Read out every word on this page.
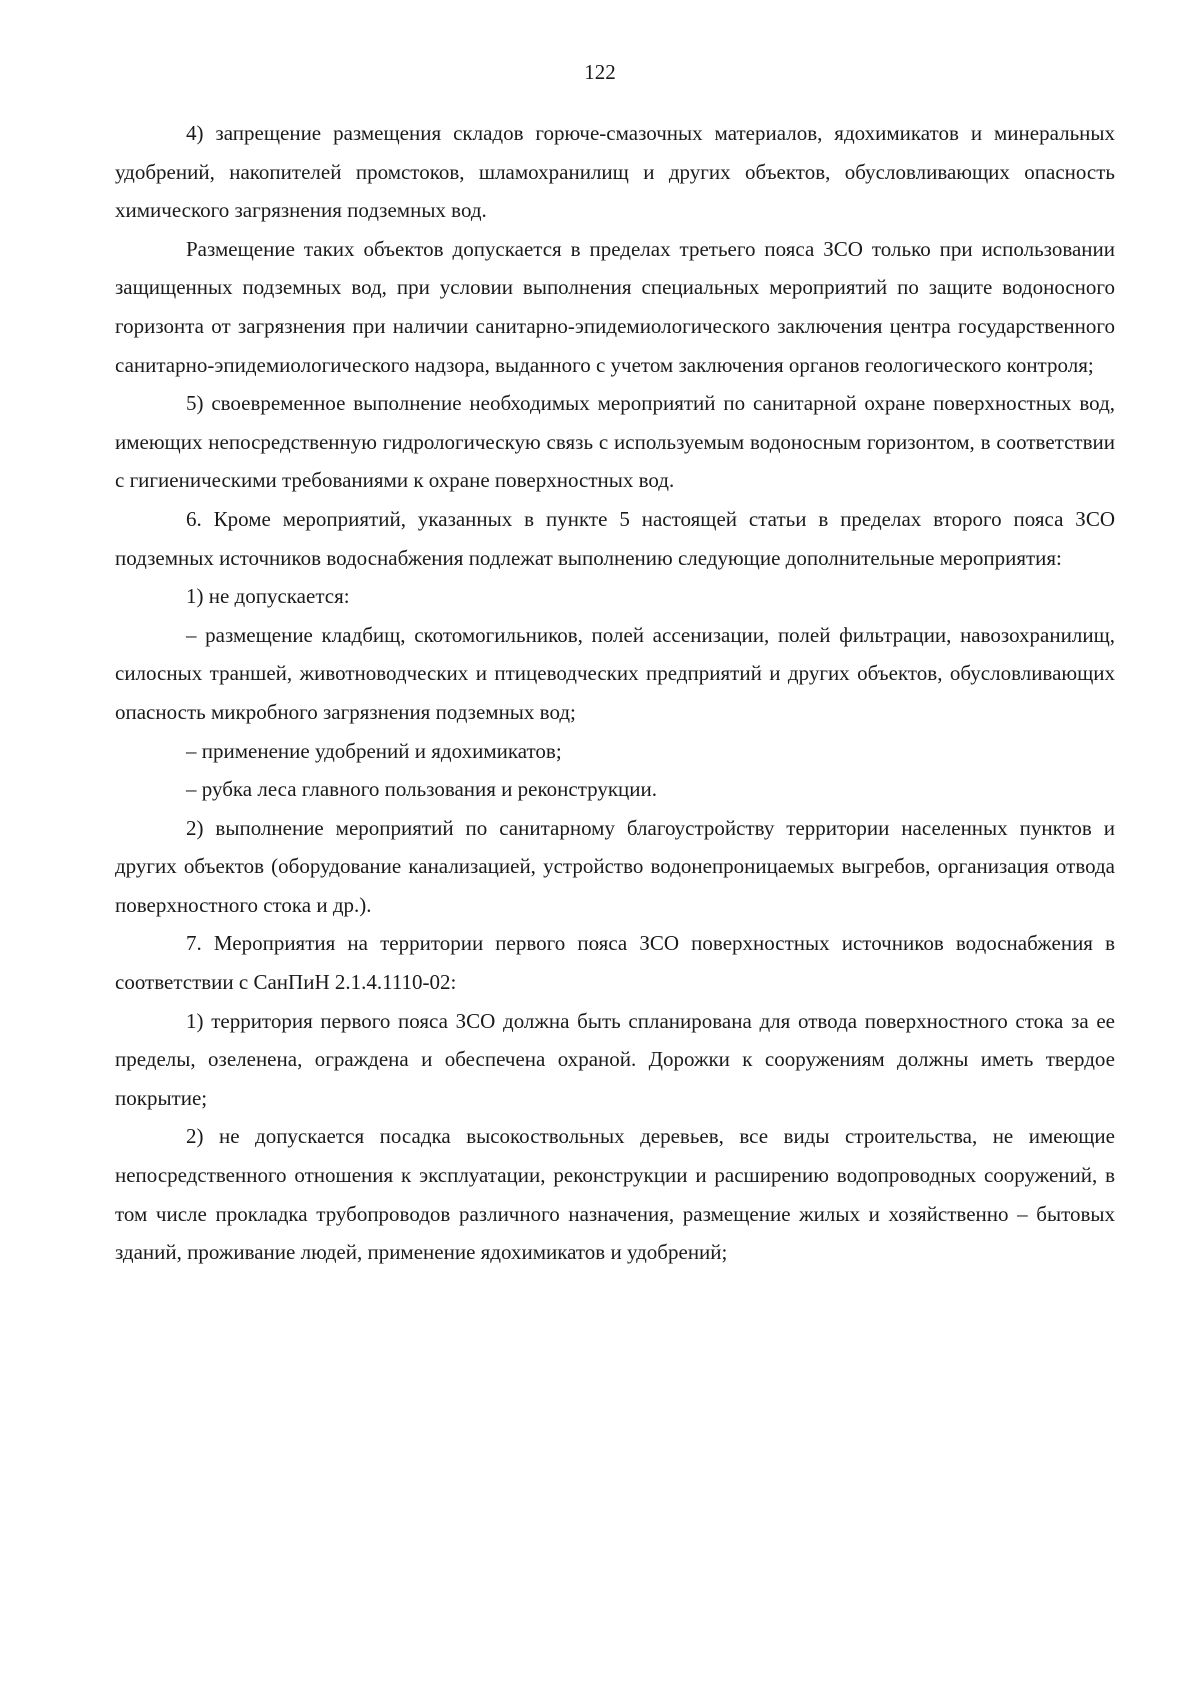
122

4) запрещение размещения складов горюче-смазочных материалов, ядохимикатов и минеральных удобрений, накопителей промстоков, шламохранилищ и других объектов, обусловливающих опасность химического загрязнения подземных вод.

Размещение таких объектов допускается в пределах третьего пояса ЗСО только при использовании защищенных подземных вод, при условии выполнения специальных мероприятий по защите водоносного горизонта от загрязнения при наличии санитарно-эпидемиологического заключения центра государственного санитарно-эпидемиологического надзора, выданного с учетом заключения органов геологического контроля;

5) своевременное выполнение необходимых мероприятий по санитарной охране поверхностных вод, имеющих непосредственную гидрологическую связь с используемым водоносным горизонтом, в соответствии с гигиеническими требованиями к охране поверхностных вод.

6. Кроме мероприятий, указанных в пункте 5 настоящей статьи в пределах второго пояса ЗСО подземных источников водоснабжения подлежат выполнению следующие дополнительные мероприятия:

1) не допускается:

– размещение кладбищ, скотомогильников, полей ассенизации, полей фильтрации, навозохранилищ, силосных траншей, животноводческих и птицеводческих предприятий и других объектов, обусловливающих опасность микробного загрязнения подземных вод;

– применение удобрений и ядохимикатов;

– рубка леса главного пользования и реконструкции.

2) выполнение мероприятий по санитарному благоустройству территории населенных пунктов и других объектов (оборудование канализацией, устройство водонепроницаемых выгребов, организация отвода поверхностного стока и др.).

7. Мероприятия на территории первого пояса ЗСО поверхностных источников водоснабжения в соответствии с СанПиН 2.1.4.1110-02:

1) территория первого пояса ЗСО должна быть спланирована для отвода поверхностного стока за ее пределы, озеленена, ограждена и обеспечена охраной. Дорожки к сооружениям должны иметь твердое покрытие;

2) не допускается посадка высокоствольных деревьев, все виды строительства, не имеющие непосредственного отношения к эксплуатации, реконструкции и расширению водопроводных сооружений, в том числе прокладка трубопроводов различного назначения, размещение жилых и хозяйственно – бытовых зданий, проживание людей, применение ядохимикатов и удобрений;
